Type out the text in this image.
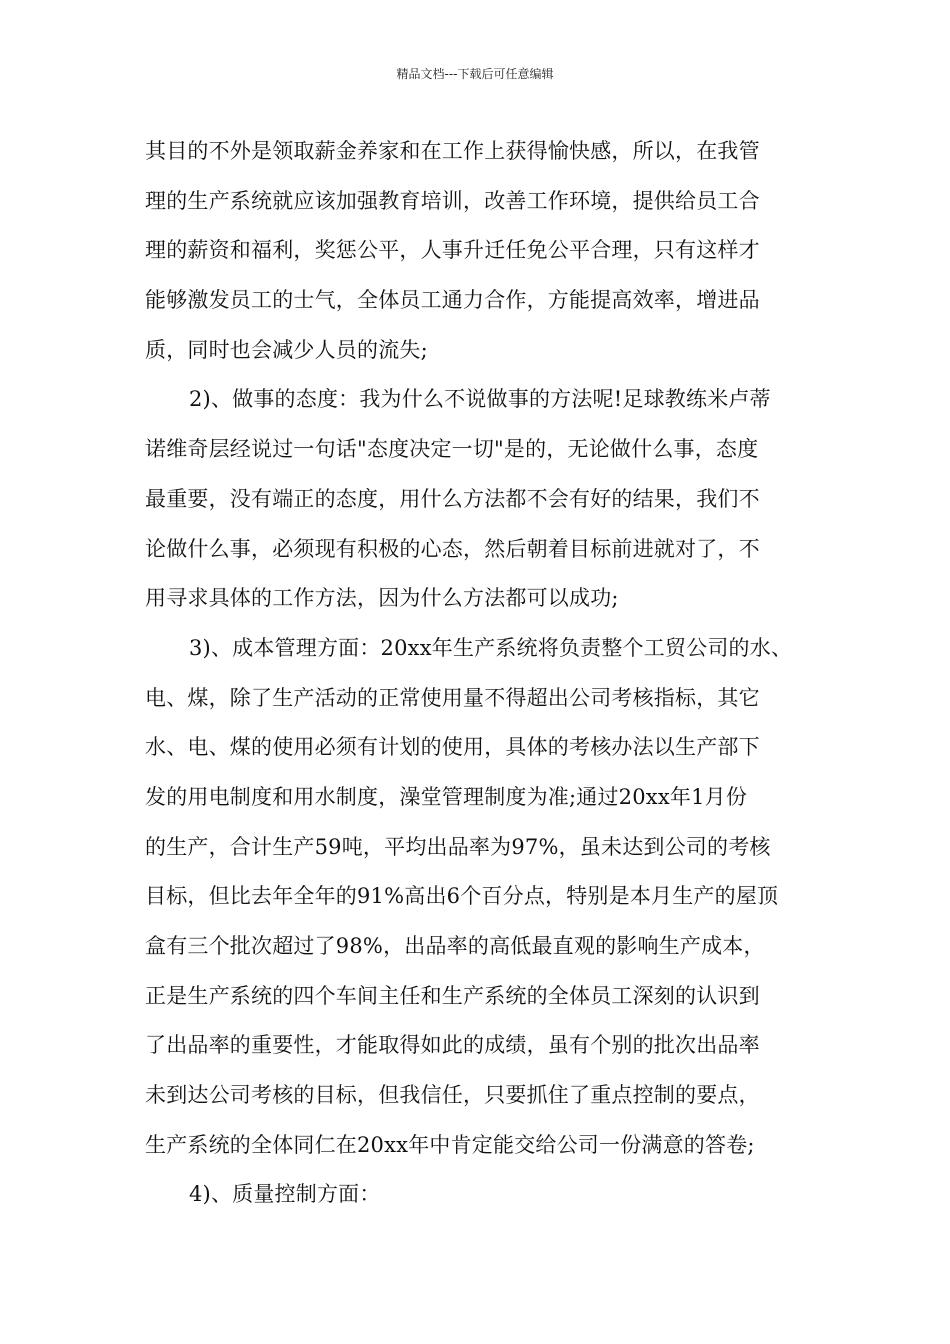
精品文档---下载后可任意编辑
其目的不外是领取薪金养家和在工作上获得愉快感，所以，在我管
理的生产系统就应该加强教育培训，改善工作环境，提供给员工合
理的薪资和福利，奖惩公平，人事升迁任免公平合理，只有这样才
能够激发员工的士气，全体员工通力合作，方能提高效率，增进品
质，同时也会减少人员的流失;
2)、做事的态度：我为什么不说做事的方法呢!足球教练米卢蒂
诺维奇层经说过一句话"态度决定一切"是的，无论做什么事，态度
最重要，没有端正的态度，用什么方法都不会有好的结果，我们不
论做什么事，必须现有积极的心态，然后朝着目标前进就对了，不
用寻求具体的工作方法，因为什么方法都可以成功;
3)、成本管理方面：20xx年生产系统将负责整个工贸公司的水、
电、煤，除了生产活动的正常使用量不得超出公司考核指标，其它
水、电、煤的使用必须有计划的使用，具体的考核办法以生产部下
发的用电制度和用水制度，澡堂管理制度为准;通过20xx年1月份
的生产，合计生产59吨，平均出品率为97%，虽未达到公司的考核
目标，但比去年全年的91%高出6个百分点，特别是本月生产的屋顶
盒有三个批次超过了98%，出品率的高低最直观的影响生产成本，
正是生产系统的四个车间主任和生产系统的全体员工深刻的认识到
了出品率的重要性，才能取得如此的成绩，虽有个别的批次出品率
未到达公司考核的目标，但我信任，只要抓住了重点控制的要点，
生产系统的全体同仁在20xx年中肯定能交给公司一份满意的答卷;
4)、质量控制方面：
